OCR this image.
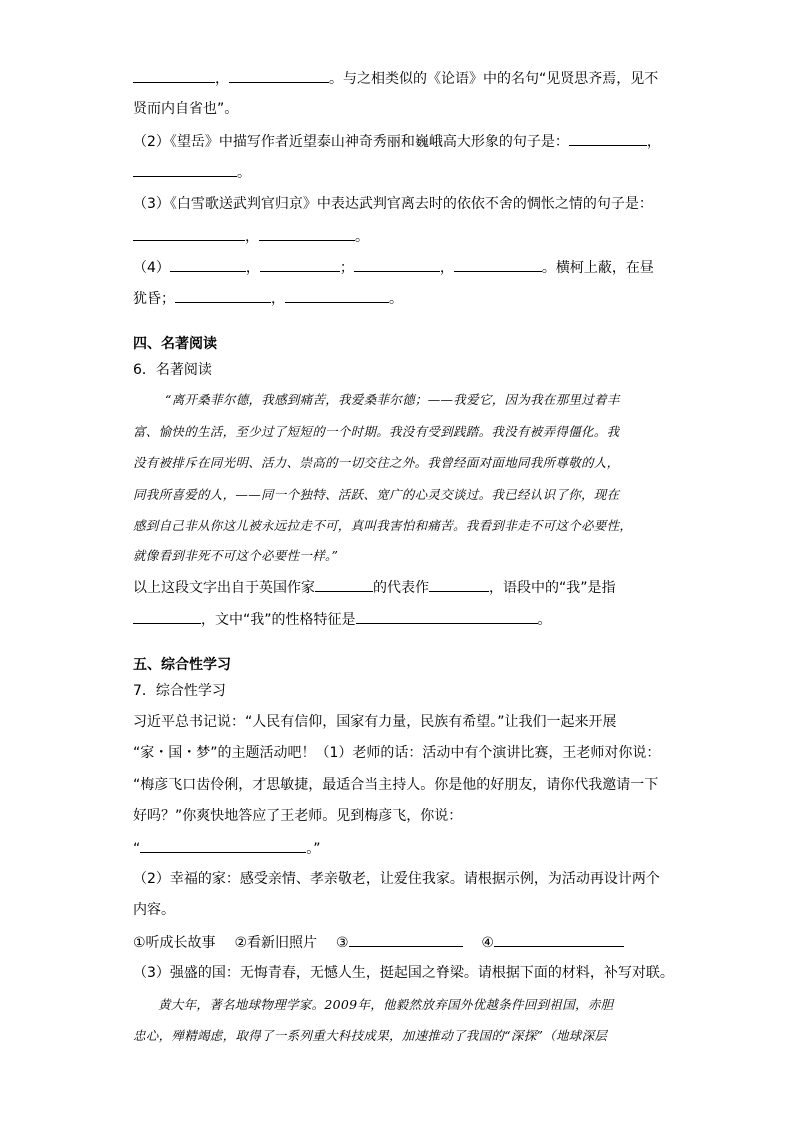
，	。与之相类似的《论语》中的名句“见贤思齐焉，见不
贤而内自省也”。
（2）《望岳》中描写作者近望泰山神奇秀丽和巍峨高大形象的句子是：	，
。
（3）《白雪歌送武判官归京》中表达武判官离去时的依依不舍的惆怅之情的句子是：
，	。
（4）	，	；	，	。横柯上蔽，在昼
犹昏；	，	。
四、名著阅读
6．名著阅读
“离开桑菲尔德，我感到痛苦，我爱桑菲尔德；——我爱它，因为我在那里过着丰
富、愉快的生活，至少过了短短的一个时期。我没有受到践踏。我没有被弄得僵化。我
没有被排斥在同光明、活力、崇高的一切交往之外。我曾经面对面地同我所尊敬的人，
同我所喜爱的人，——同一个独特、活跃、宽广的心灵交谈过。我已经认识了你，现在
感到自己非从你这儿被永远拉走不可，真叫我害怕和痛苦。我看到非走不可这个必要性，
就像看到非死不可这个必要性一样。”
以上这段文字出自于英国作家	的代表作	，语段中的“我”是指
，文中“我”的性格特征是	。
五、综合性学习
7．综合性学习
习近平总书记说：“人民有信仰，国家有力量，民族有希望。”让我们一起来开展
“家・国・梦”的主题活动吧！（1）老师的话：活动中有个演讲比赛，王老师对你说：
“梅彦飞口齿伶俐，才思敏捷，最适合当主持人。你是他的好朋友，请你代我邀请一下
好吗？”你爽快地答应了王老师。见到梅彦飞，你说：
“	。”
（2）幸福的家：感受亲情、孝亲敬老，让爱住我家。请根据示例，为活动再设计两个
内容。
①听成长故事 ②看新旧照片 ③	④
（3）强盛的国：无悔青春，无憾人生，挺起国之脊梁。请根据下面的材料，补写对联。
黄大年，著名地球物理学家。2009年，他毅然放弃国外优越条件回到祖国，赤胆
忠心，殚精竭虑，取得了一系列重大科技成果，加速推动了我国的“深探”（地球深层
